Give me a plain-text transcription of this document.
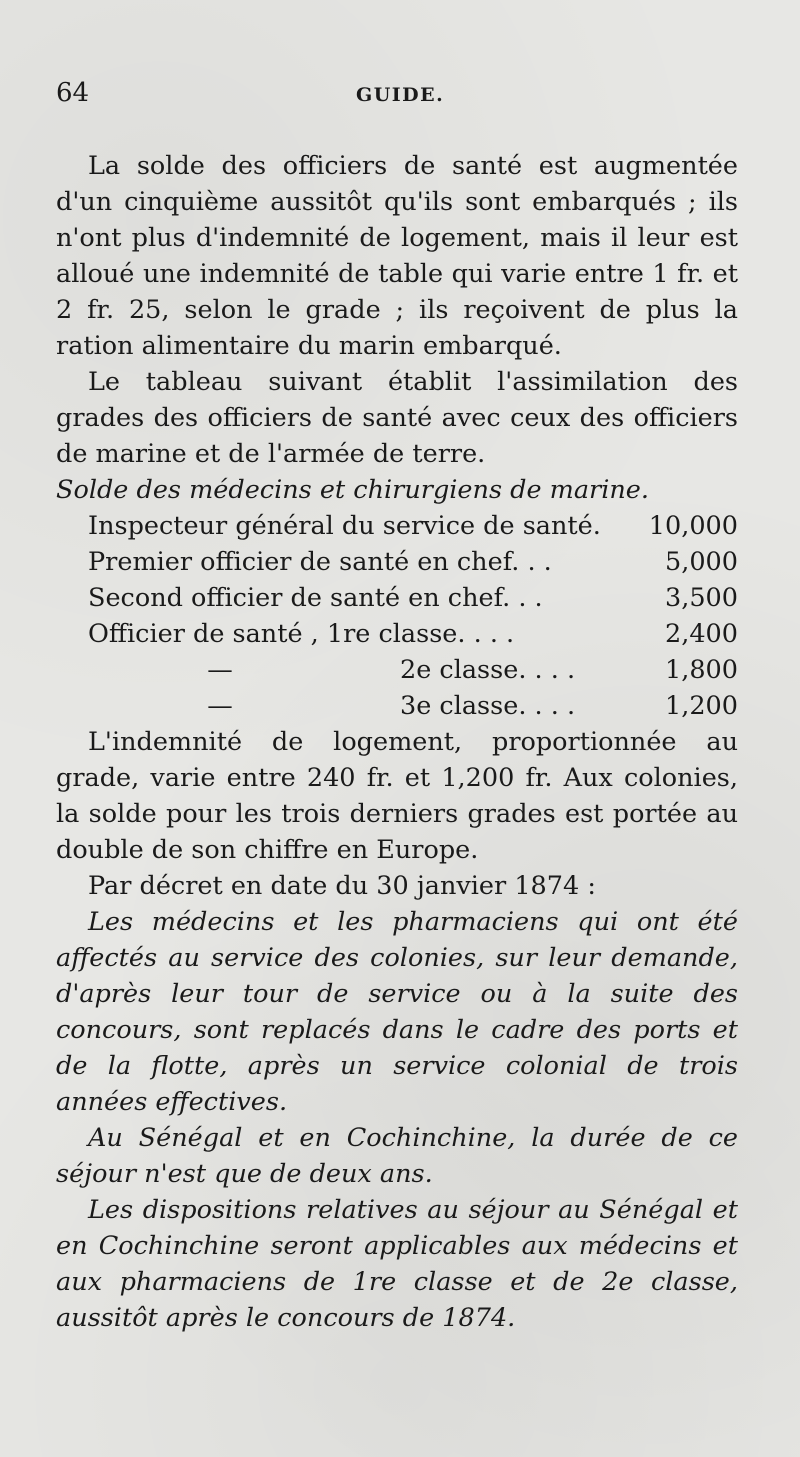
64	GUIDE.

La solde des officiers de santé est augmentée d'un cinquième aussitôt qu'ils sont embarqués ; ils n'ont plus d'indemnité de logement, mais il leur est alloué une indemnité de table qui varie entre 1 fr. et 2 fr. 25, selon le grade ; ils reçoivent de plus la ration alimentaire du marin embarqué.

Le tableau suivant établit l'assimilation des grades des officiers de santé avec ceux des officiers de marine et de l'armée de terre.

Solde des médecins et chirurgiens de marine.

Inspecteur général du service de santé.	10,000
Premier officier de santé en chef. . .	5,000
Second officier de santé en chef. . .	3,500
Officier de santé , 1re classe. . . .	2,400
—	2e classe. . . .	1,800
—	3e classe. . . .	1,200

L'indemnité de logement, proportionnée au grade, varie entre 240 fr. et 1,200 fr. Aux colonies, la solde pour les trois derniers grades est portée au double de son chiffre en Europe.

Par décret en date du 30 janvier 1874 :

Les médecins et les pharmaciens qui ont été affectés au service des colonies, sur leur demande, d'après leur tour de service ou à la suite des concours, sont replacés dans le cadre des ports et de la flotte, après un service colonial de trois années effectives.

Au Sénégal et en Cochinchine, la durée de ce séjour n'est que de deux ans.

Les dispositions relatives au séjour au Sénégal et en Cochinchine seront applicables aux médecins et aux pharmaciens de 1re classe et de 2e classe, aussitôt après le concours de 1874.
